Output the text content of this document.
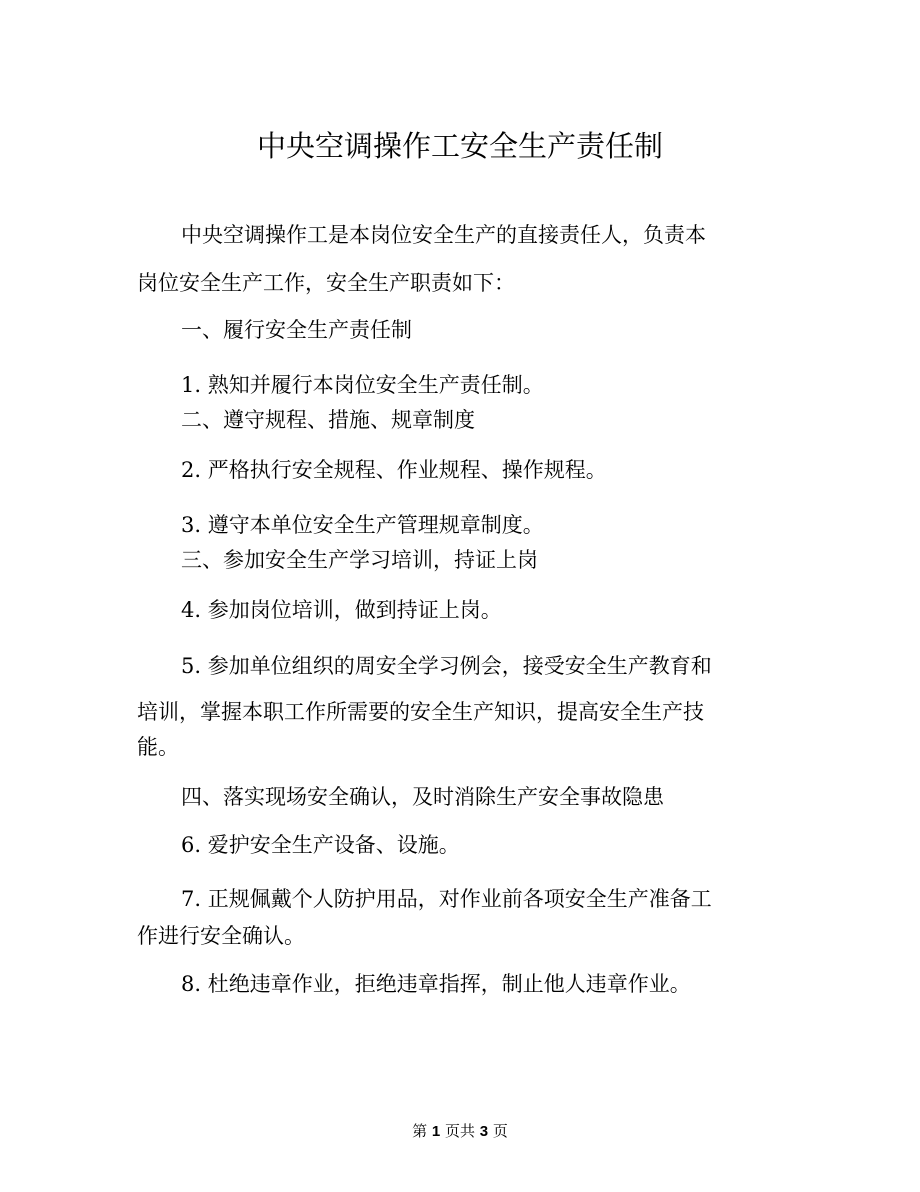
中央空调操作工安全生产责任制
中央空调操作工是本岗位安全生产的直接责任人，负责本
岗位安全生产工作，安全生产职责如下：
一、履行安全生产责任制
1. 熟知并履行本岗位安全生产责任制。
二、遵守规程、措施、规章制度
2. 严格执行安全规程、作业规程、操作规程。
3. 遵守本单位安全生产管理规章制度。
三、参加安全生产学习培训，持证上岗
4. 参加岗位培训，做到持证上岗。
5. 参加单位组织的周安全学习例会，接受安全生产教育和
培训，掌握本职工作所需要的安全生产知识，提高安全生产技
能。
四、落实现场安全确认，及时消除生产安全事故隐患
6. 爱护安全生产设备、设施。
7. 正规佩戴个人防护用品，对作业前各项安全生产准备工
作进行安全确认。
8. 杜绝违章作业，拒绝违章指挥，制止他人违章作业。
第 1 页共 3 页
